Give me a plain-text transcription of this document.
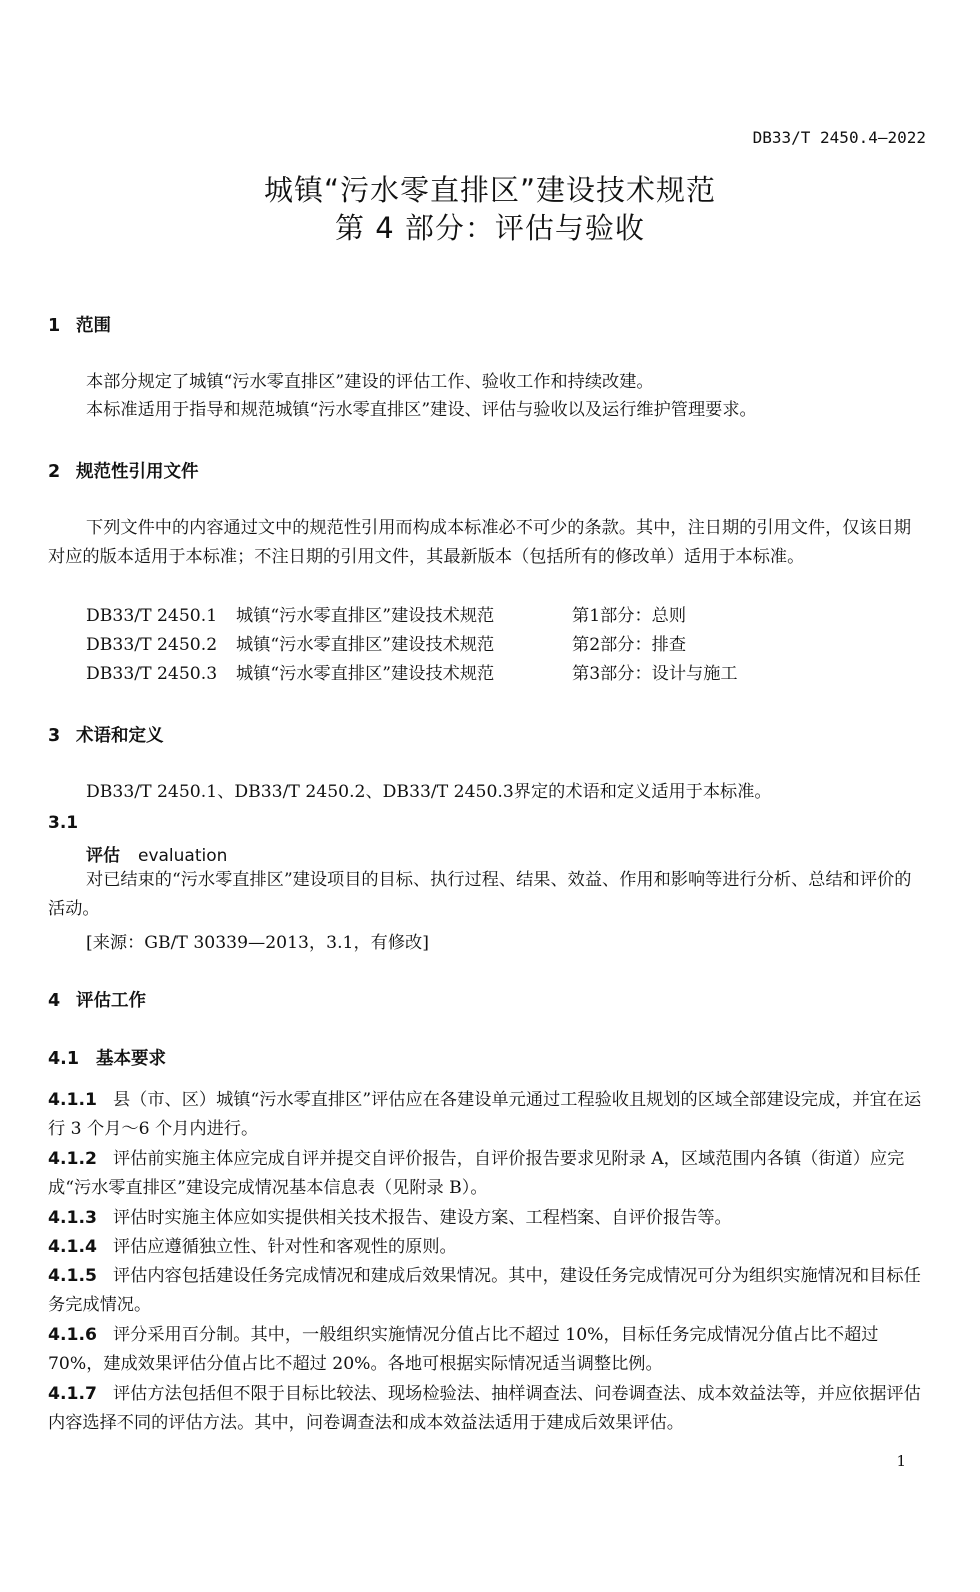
DB33/T 2450.4—2022
城镇“污水零直排区”建设技术规范
第 4 部分：评估与验收
1 范围
本部分规定了城镇“污水零直排区”建设的评估工作、验收工作和持续改建。
本标准适用于指导和规范城镇“污水零直排区”建设、评估与验收以及运行维护管理要求。
2 规范性引用文件
下列文件中的内容通过文中的规范性引用而构成本标准必不可少的条款。其中，注日期的引用文件，仅该日期对应的版本适用于本标准；不注日期的引用文件，其最新版本（包括所有的修改单）适用于本标准。
DB33/T 2450.1 城镇“污水零直排区”建设技术规范	第1部分：总则
DB33/T 2450.2 城镇“污水零直排区”建设技术规范	第2部分：排查
DB33/T 2450.3 城镇“污水零直排区”建设技术规范	第3部分：设计与施工
3 术语和定义
DB33/T 2450.1、DB33/T 2450.2、DB33/T 2450.3界定的术语和定义适用于本标准。
3.1
评估 evaluation
对已结束的“污水零直排区”建设项目的目标、执行过程、结果、效益、作用和影响等进行分析、总结和评价的活动。
[来源：GB/T 30339—2013，3.1，有修改]
4 评估工作
4.1 基本要求
4.1.1 县（市、区）城镇“污水零直排区”评估应在各建设单元通过工程验收且规划的区域全部建设完成，并宜在运行 3 个月～6 个月内进行。
4.1.2 评估前实施主体应完成自评并提交自评价报告，自评价报告要求见附录 A，区域范围内各镇（街道）应完成“污水零直排区”建设完成情况基本信息表（见附录 B）。
4.1.3 评估时实施主体应如实提供相关技术报告、建设方案、工程档案、自评价报告等。
4.1.4 评估应遵循独立性、针对性和客观性的原则。
4.1.5 评估内容包括建设任务完成情况和建成后效果情况。其中，建设任务完成情况可分为组织实施情况和目标任务完成情况。
4.1.6 评分采用百分制。其中，一般组织实施情况分值占比不超过 10%，目标任务完成情况分值占比不超过 70%，建成效果评估分值占比不超过 20%。各地可根据实际情况适当调整比例。
4.1.7 评估方法包括但不限于目标比较法、现场检验法、抽样调查法、问卷调查法、成本效益法等，并应依据评估内容选择不同的评估方法。其中，问卷调查法和成本效益法适用于建成后效果评估。
1
